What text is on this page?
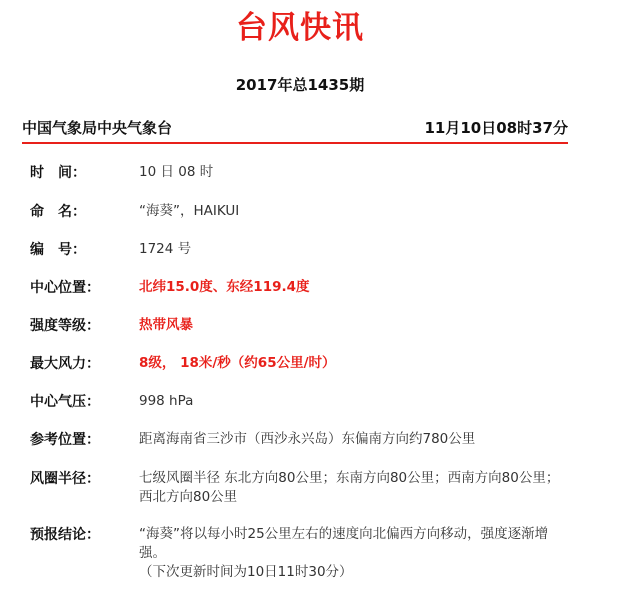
台风快讯
2017年总1435期
中国气象局中央气象台	11月10日08时37分
时　间：	10 日 08 时
命　名：	“海葵”，HAIKUI
编　号：	1724 号
中心位置：	北纬15.0度、东经119.4度
强度等级：	热带风暴
最大风力：	8级， 18米/秒（约65公里/时）
中心气压：	998 hPa
参考位置：	距离海南省三沙市（西沙永兴岛）东偏南方向约780公里
风圈半径：	七级风圈半径 东北方向80公里；东南方向80公里；西南方向80公里；西北方向80公里
预报结论：	“海葵”将以每小时25公里左右的速度向北偏西方向移动，强度逐渐增强。
（下次更新时间为10日11时30分）
